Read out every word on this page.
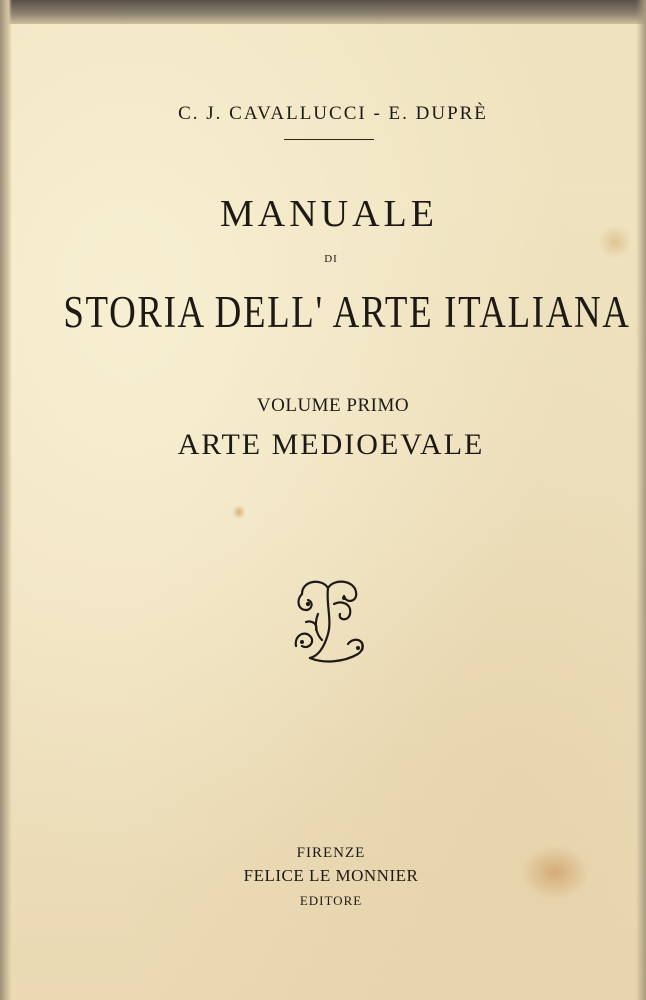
C. J. CAVALLUCCI - E. DUPRÈ
MANUALE
DI
STORIA DELL' ARTE ITALIANA
VOLUME PRIMO
ARTE MEDIOEVALE
FIRENZE
FELICE LE MONNIER
EDITORE
